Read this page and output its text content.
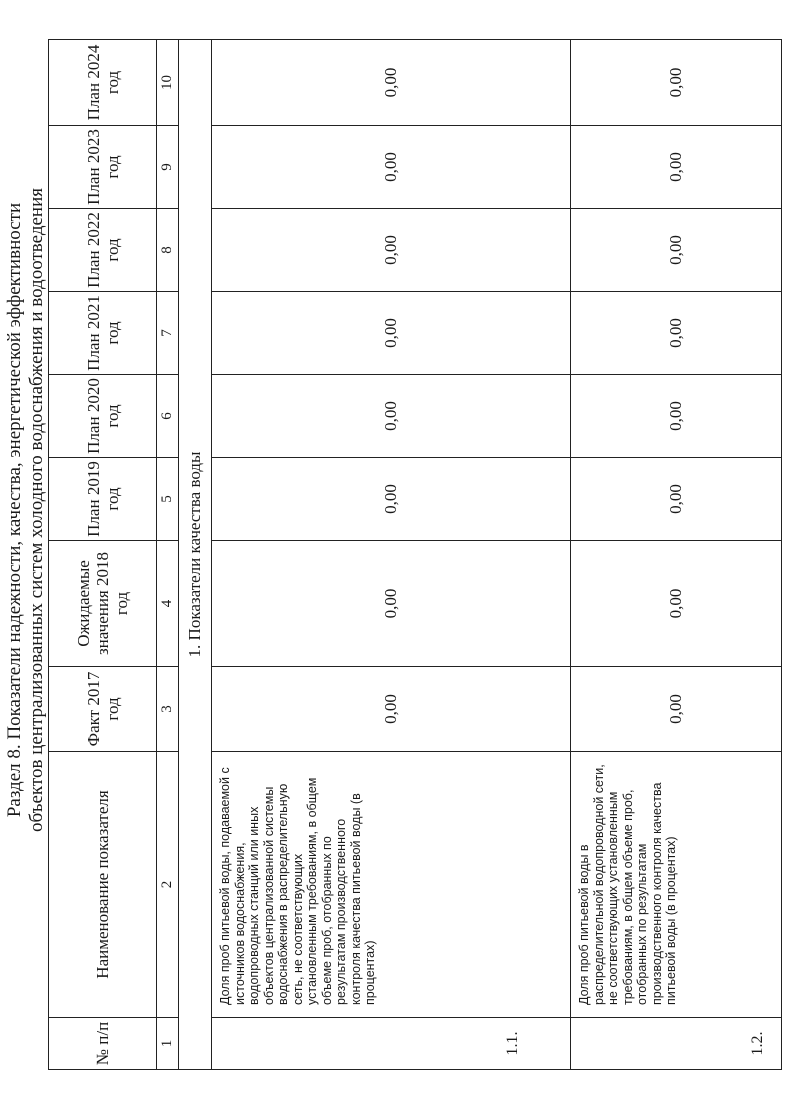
Раздел 8. Показатели надежности, качества, энергетической эффективности объектов централизованных систем холодного водоснабжения и водоотведения
№ п/п	Наименование показателя	Факт 2017 год	Ожидаемые значения 2018 год	План 2019 год	План 2020 год	План 2021 год	План 2022 год	План 2023 год	План 2024 год
1	2	3	4	5	6	7	8	9	10
1. Показатели качества воды									
1.1.	Доля проб питьевой воды, подаваемой с источников водоснабжения, водопроводных станций или иных объектов централизованной системы водоснабжения в распределительную сеть, не соответствующих установленным требованиям, в общем объеме проб, отобранных по результатам производственного контроля качества питьевой воды (в процентах)	0,00	0,00	0,00	0,00	0,00	0,00	0,00	0,00
1.2.	Доля проб питьевой воды в распределительной водопроводной сети, не соответствующих установленным требованиям, в общем объеме проб, отобранных по результатам производственного контроля качества питьевой воды (в процентах)	0,00	0,00	0,00	0,00	0,00	0,00	0,00	0,00
